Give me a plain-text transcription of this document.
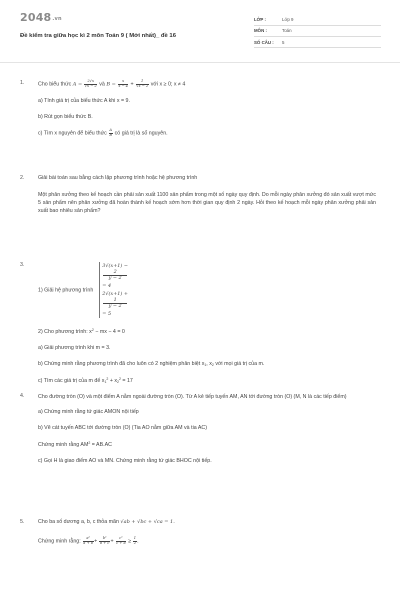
2048.vn
Đề kiểm tra giữa học kì 2 môn Toán 9 ( Mới nhất)_ đề 16
LỚP :	Lớp 9
MÔN :	Toán
SỐ CÂU :	5
1.	Cho biểu thức $A = \frac{2√x}{√x - 2}$ và $B = \frac{x}{x - 4} + \frac{1}{√x - 2}$ với x ≥ 0; x ≠ 4
a) Tính giá trị của biểu thức A khi x = 9.
b) Rút gọn biểu thức B.
c) Tìm x nguyên để biểu thức $\frac{A}{B}$ có giá trị là số nguyên.
2.	Giải bài toán sau bằng cách lập phương trình hoặc hệ phương trình
Một phân xưởng theo kế hoạch cần phải sản xuất 1100 sản phẩm trong một số ngày quy định. Do mỗi ngày phân xưởng đó sản xuất vượt mức 5 sản phẩm nên phân xưởng đã hoàn thành kế hoạch sớm hơn thời gian quy định 2 ngày. Hỏi theo kế hoạch mỗi ngày phân xưởng phải sản xuất bao nhiêu sản phẩm?
3.
1) Giải hệ phương trình
3√(x+1) −
2
y − 2
= 4
2√(x+1) +
1
y − 2
= 5
2) Cho phương trình: $x^2$ − mx − 4 = 0
a) Giải phương trình khi m = 3.
b) Chứng minh rằng phương trình đã cho luôn có 2 nghiệm phân biệt $x_1$, $x_2$ với mọi giá trị của m.
c) Tìm các giá trị của m để $x_1^2 + x_2^2 = 17$
4.	Cho đường tròn (O) và một điểm A nằm ngoài đường tròn (O). Từ A kẻ tiếp tuyến AM, AN tới đường tròn (O) (M, N là các tiếp điểm)
a) Chứng minh rằng tứ giác AMON nội tiếp
b) Vẽ cát tuyến ABC tới đường tròn (O) (Tia AO nằm giữa AM và tia AC)
Chứng minh rằng $AM^2 = AB.AC$
c) Gọi H là giao điểm AO và MN. Chứng minh rằng tứ giác BHOC nội tiếp.
5.	Cho ba số dương a, b, c thỏa mãn √ab + √bc + √ca = 1.
Chứng minh rằng: $\frac{\text{a²}}{a + b} + \frac{\text{b²}}{b + c} + \frac{\text{c²}}{c + a} \ge \frac{1}{2}$ .
